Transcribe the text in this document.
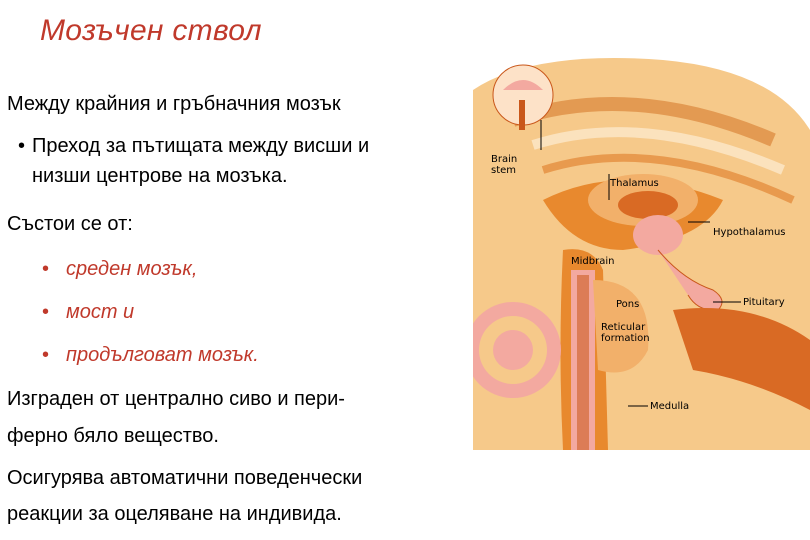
Мозъчен ствол
Между крайния и гръбначния мозък
• Преход за пътищата между висши и
низши центрове на мозъка.
Състои се от:
• среден мозък,
• мост и
• продълговат мозък.
Изграден от централно сиво и пери-
ферно бяло вещество.
Осигурява автоматични поведенчески
реакции за оцеляване на индивида.
Brain
stem
Thalamus
Hypothalamus
Midbrain
Pituitary
Pons
Reticular
formation
Medulla
